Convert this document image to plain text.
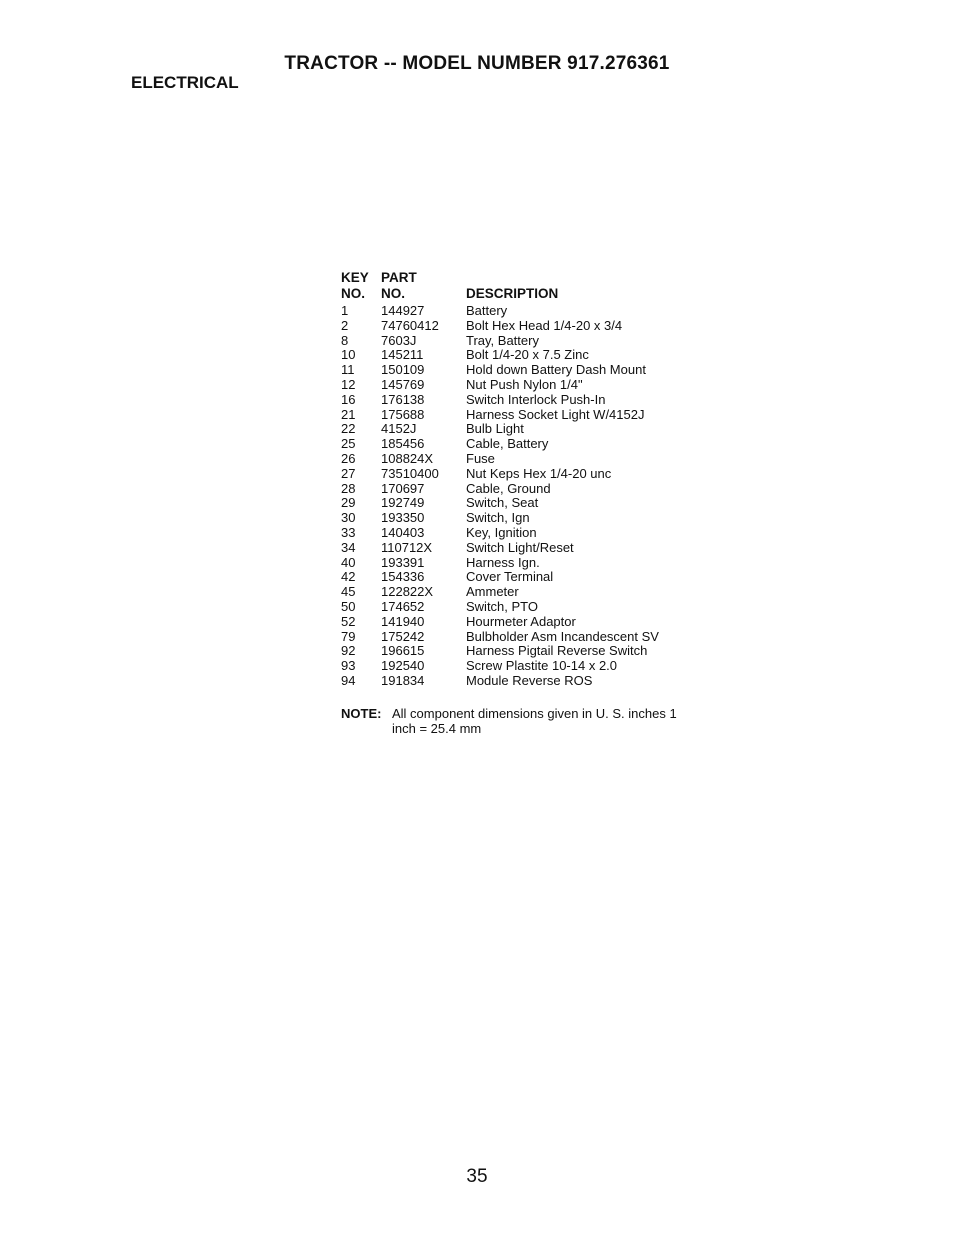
TRACTOR -- MODEL NUMBER 917.276361
ELECTRICAL
KEY PART
NO.	NO.	DESCRIPTION
1	144927	Battery
2	74760412	Bolt Hex Head 1/4-20 x 3/4
8	7603J	Tray, Battery
10	145211	Bolt 1/4-20 x 7.5 Zinc
11	150109	Hold down Battery Dash Mount
12	145769	Nut Push Nylon 1/4"
16	176138	Switch Interlock Push-In
21	175688	Harness Socket Light W/4152J
22	4152J	Bulb Light
25	185456	Cable, Battery
26	108824X	Fuse
27	73510400	Nut Keps Hex 1/4-20 unc
28	170697	Cable, Ground
29	192749	Switch, Seat
30	193350	Switch, Ign
33	140403	Key, Ignition
34	110712X	Switch Light/Reset
40	193391	Harness Ign.
42	154336	Cover Terminal
45	122822X	Ammeter
50	174652	Switch, PTO
52	141940	Hourmeter Adaptor
79	175242	Bulbholder Asm Incandescent SV
92	196615	Harness Pigtail Reverse Switch
93	192540	Screw Plastite 10-14 x 2.0
94	191834	Module Reverse ROS
NOTE: All component dimensions given in U. S. inches 1 inch = 25.4 mm
35
